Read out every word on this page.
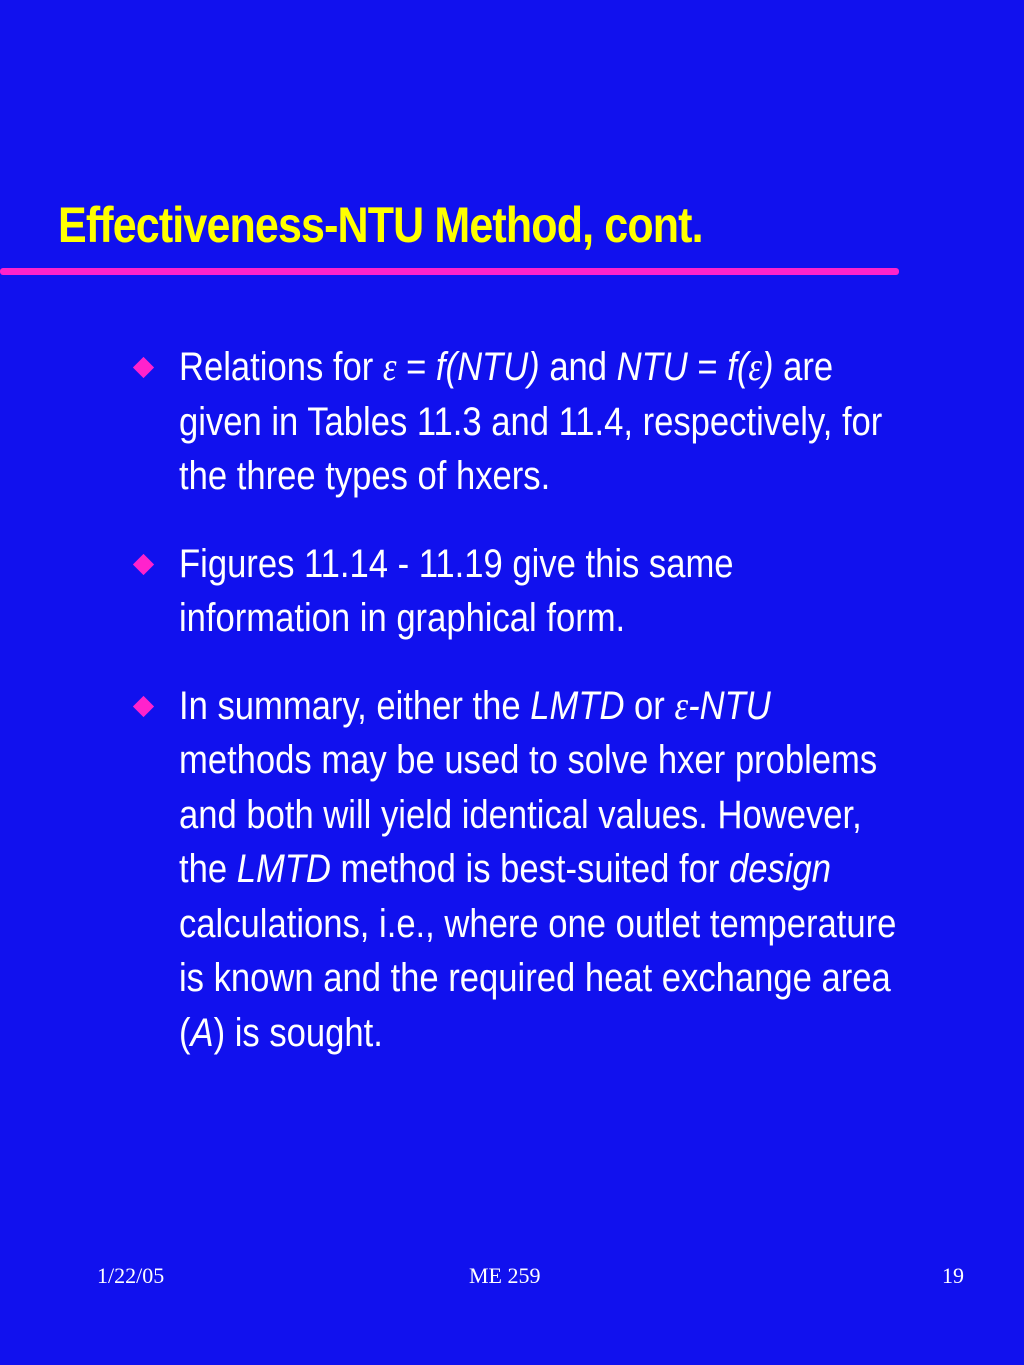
Effectiveness-NTU Method, cont.
Relations for ε = f(NTU) and NTU = f(ε) are
given in Tables 11.3 and 11.4, respectively, for
the three types of hxers.
Figures 11.14 - 11.19 give this same
information in graphical form.
In summary, either the LMTD or ε-NTU
methods may be used to solve hxer problems
and both will yield identical values. However,
the LMTD method is best-suited for design
calculations, i.e., where one outlet temperature
is known and the required heat exchange area
(A) is sought.
1/22/05	ME 259	19
